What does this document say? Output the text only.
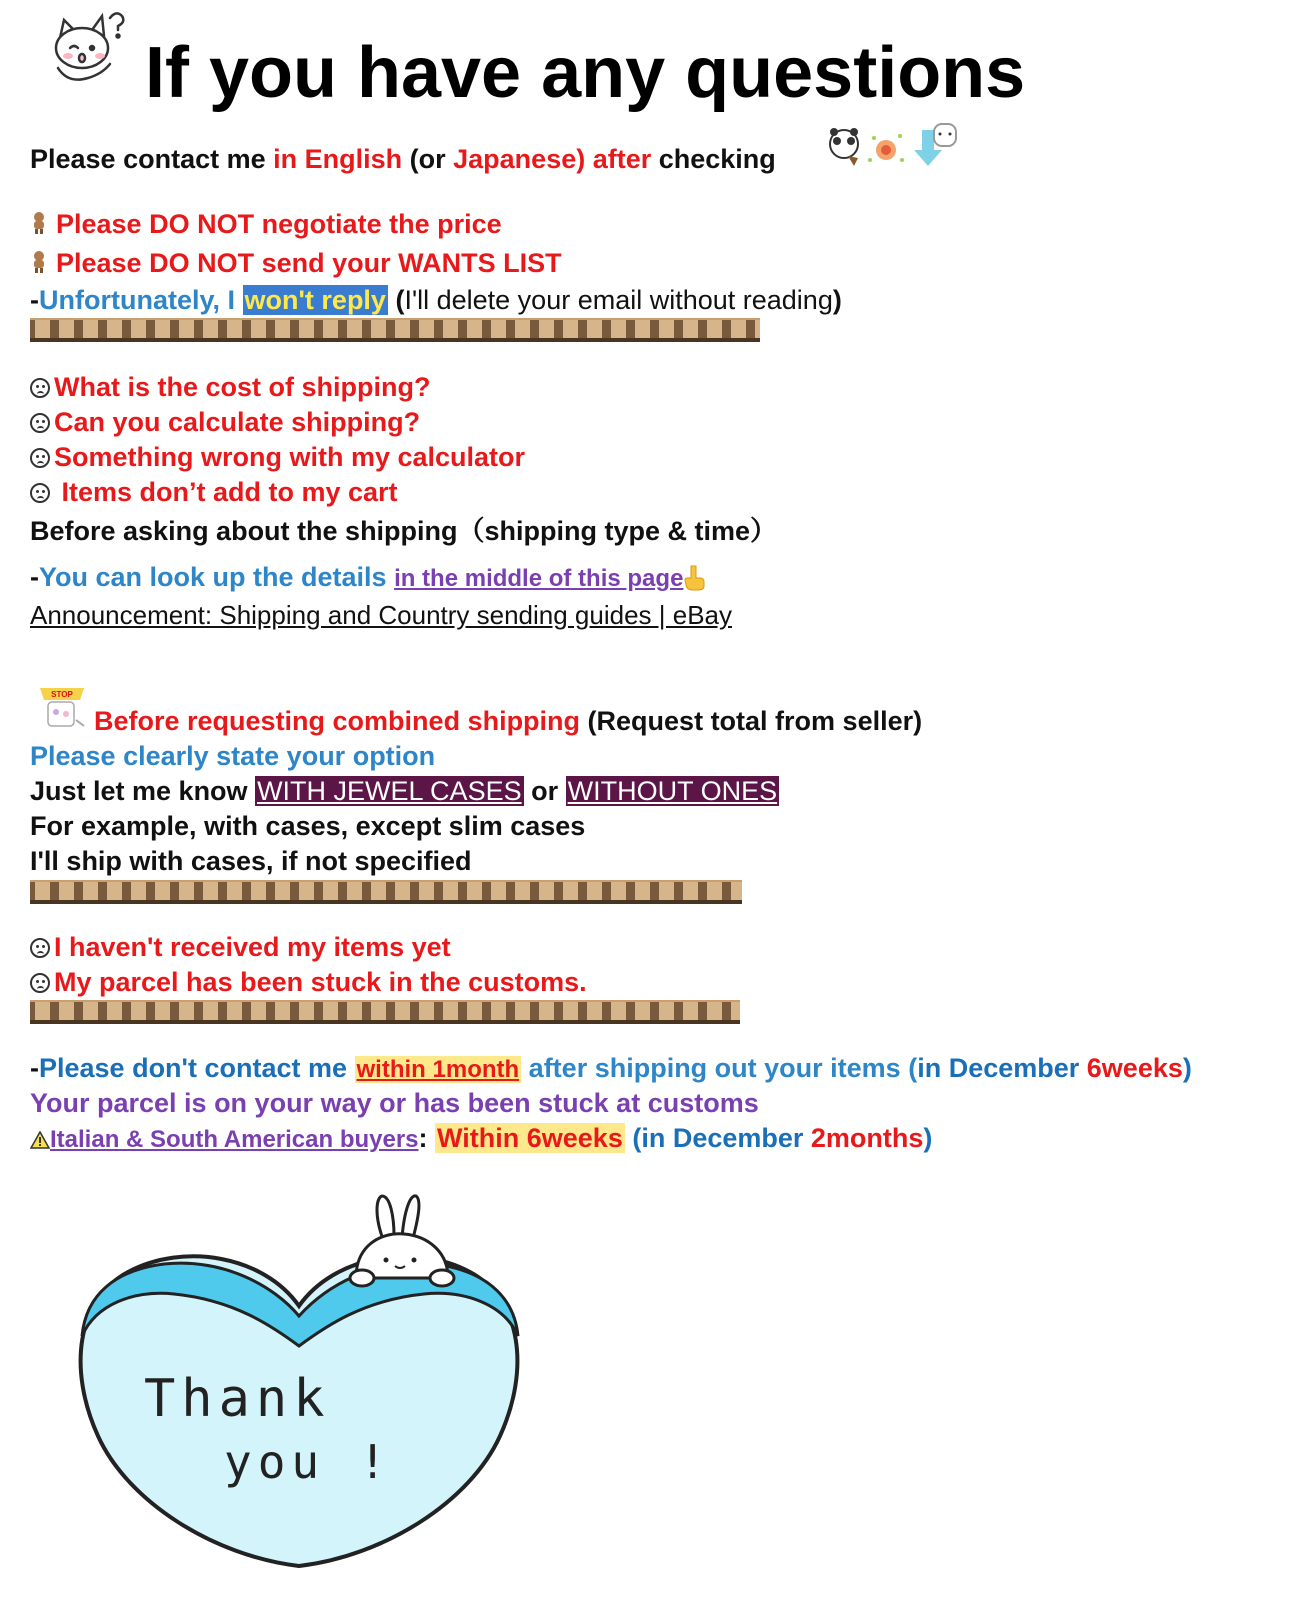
If you have any questions
Please contact me in English (or Japanese) after checking
Please DO NOT negotiate the price
Please DO NOT send your WANTS LIST
-Unfortunately, I won't reply (I'll delete your email without reading)
What is the cost of shipping?
Can you calculate shipping?
Something wrong with my calculator
Items don’t add to my cart
Before asking about the shipping（shipping type & time）
-You can look up the details in the middle of this page
Announcement: Shipping and Country sending guides | eBay
STOP
Before requesting combined shipping (Request total from seller)
Please clearly state your option
Just let me know WITH JEWEL CASES or WITHOUT ONES
For example, with cases, except slim cases
I'll ship with cases, if not specified
I haven't received my items yet
My parcel has been stuck in the customs.
-Please don't contact me within 1month after shipping out your items (in December 6weeks)
Your parcel is on your way or has been stuck at customs
Italian & South American buyers: Within 6weeks (in December 2months)
Thank
you !
